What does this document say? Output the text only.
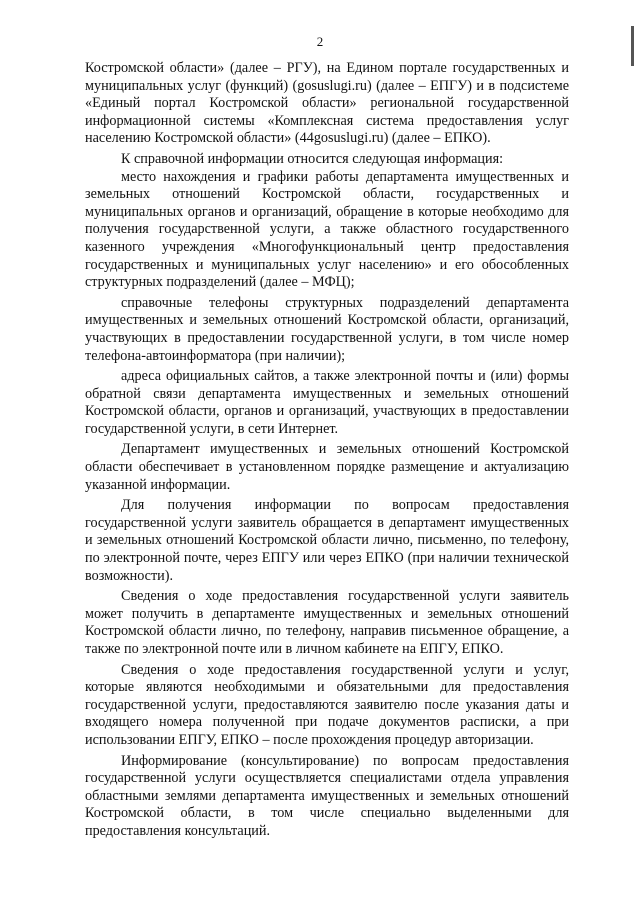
2

Костромской области» (далее – РГУ), на Едином портале государственных и муниципальных услуг (функций) (gosuslugi.ru) (далее – ЕПГУ) и в подсистеме «Единый портал Костромской области» региональной государственной информационной системы «Комплексная система предоставления услуг населению Костромской области» (44gosuslugi.ru) (далее – ЕПКО).

К справочной информации относится следующая информация:

место нахождения и графики работы департамента имущественных и земельных отношений Костромской области, государственных и муниципальных органов и организаций, обращение в которые необходимо для получения государственной услуги, а также областного государственного казенного учреждения «Многофункциональный центр предоставления государственных и муниципальных услуг населению» и его обособленных структурных подразделений (далее – МФЦ);

справочные телефоны структурных подразделений департамента имущественных и земельных отношений Костромской области, организаций, участвующих в предоставлении государственной услуги, в том числе номер телефона-автоинформатора (при наличии);

адреса официальных сайтов, а также электронной почты и (или) формы обратной связи департамента имущественных и земельных отношений Костромской области, органов и организаций, участвующих в предоставлении государственной услуги, в сети Интернет.

Департамент имущественных и земельных отношений Костромской области обеспечивает в установленном порядке размещение и актуализацию указанной информации.

Для получения информации по вопросам предоставления государственной услуги заявитель обращается в департамент имущественных и земельных отношений Костромской области лично, письменно, по телефону, по электронной почте, через ЕПГУ или через ЕПКО (при наличии технической возможности).

Сведения о ходе предоставления государственной услуги заявитель может получить в департаменте имущественных и земельных отношений Костромской области лично, по телефону, направив письменное обращение, а также по электронной почте или в личном кабинете на ЕПГУ, ЕПКО.

Сведения о ходе предоставления государственной услуги и услуг, которые являются необходимыми и обязательными для предоставления государственной услуги, предоставляются заявителю после указания даты и входящего номера полученной при подаче документов расписки, а при использовании ЕПГУ, ЕПКО – после прохождения процедур авторизации.

Информирование (консультирование) по вопросам предоставления государственной услуги осуществляется специалистами отдела управления областными землями департамента имущественных и земельных отношений Костромской области, в том числе специально выделенными для предоставления консультаций.
